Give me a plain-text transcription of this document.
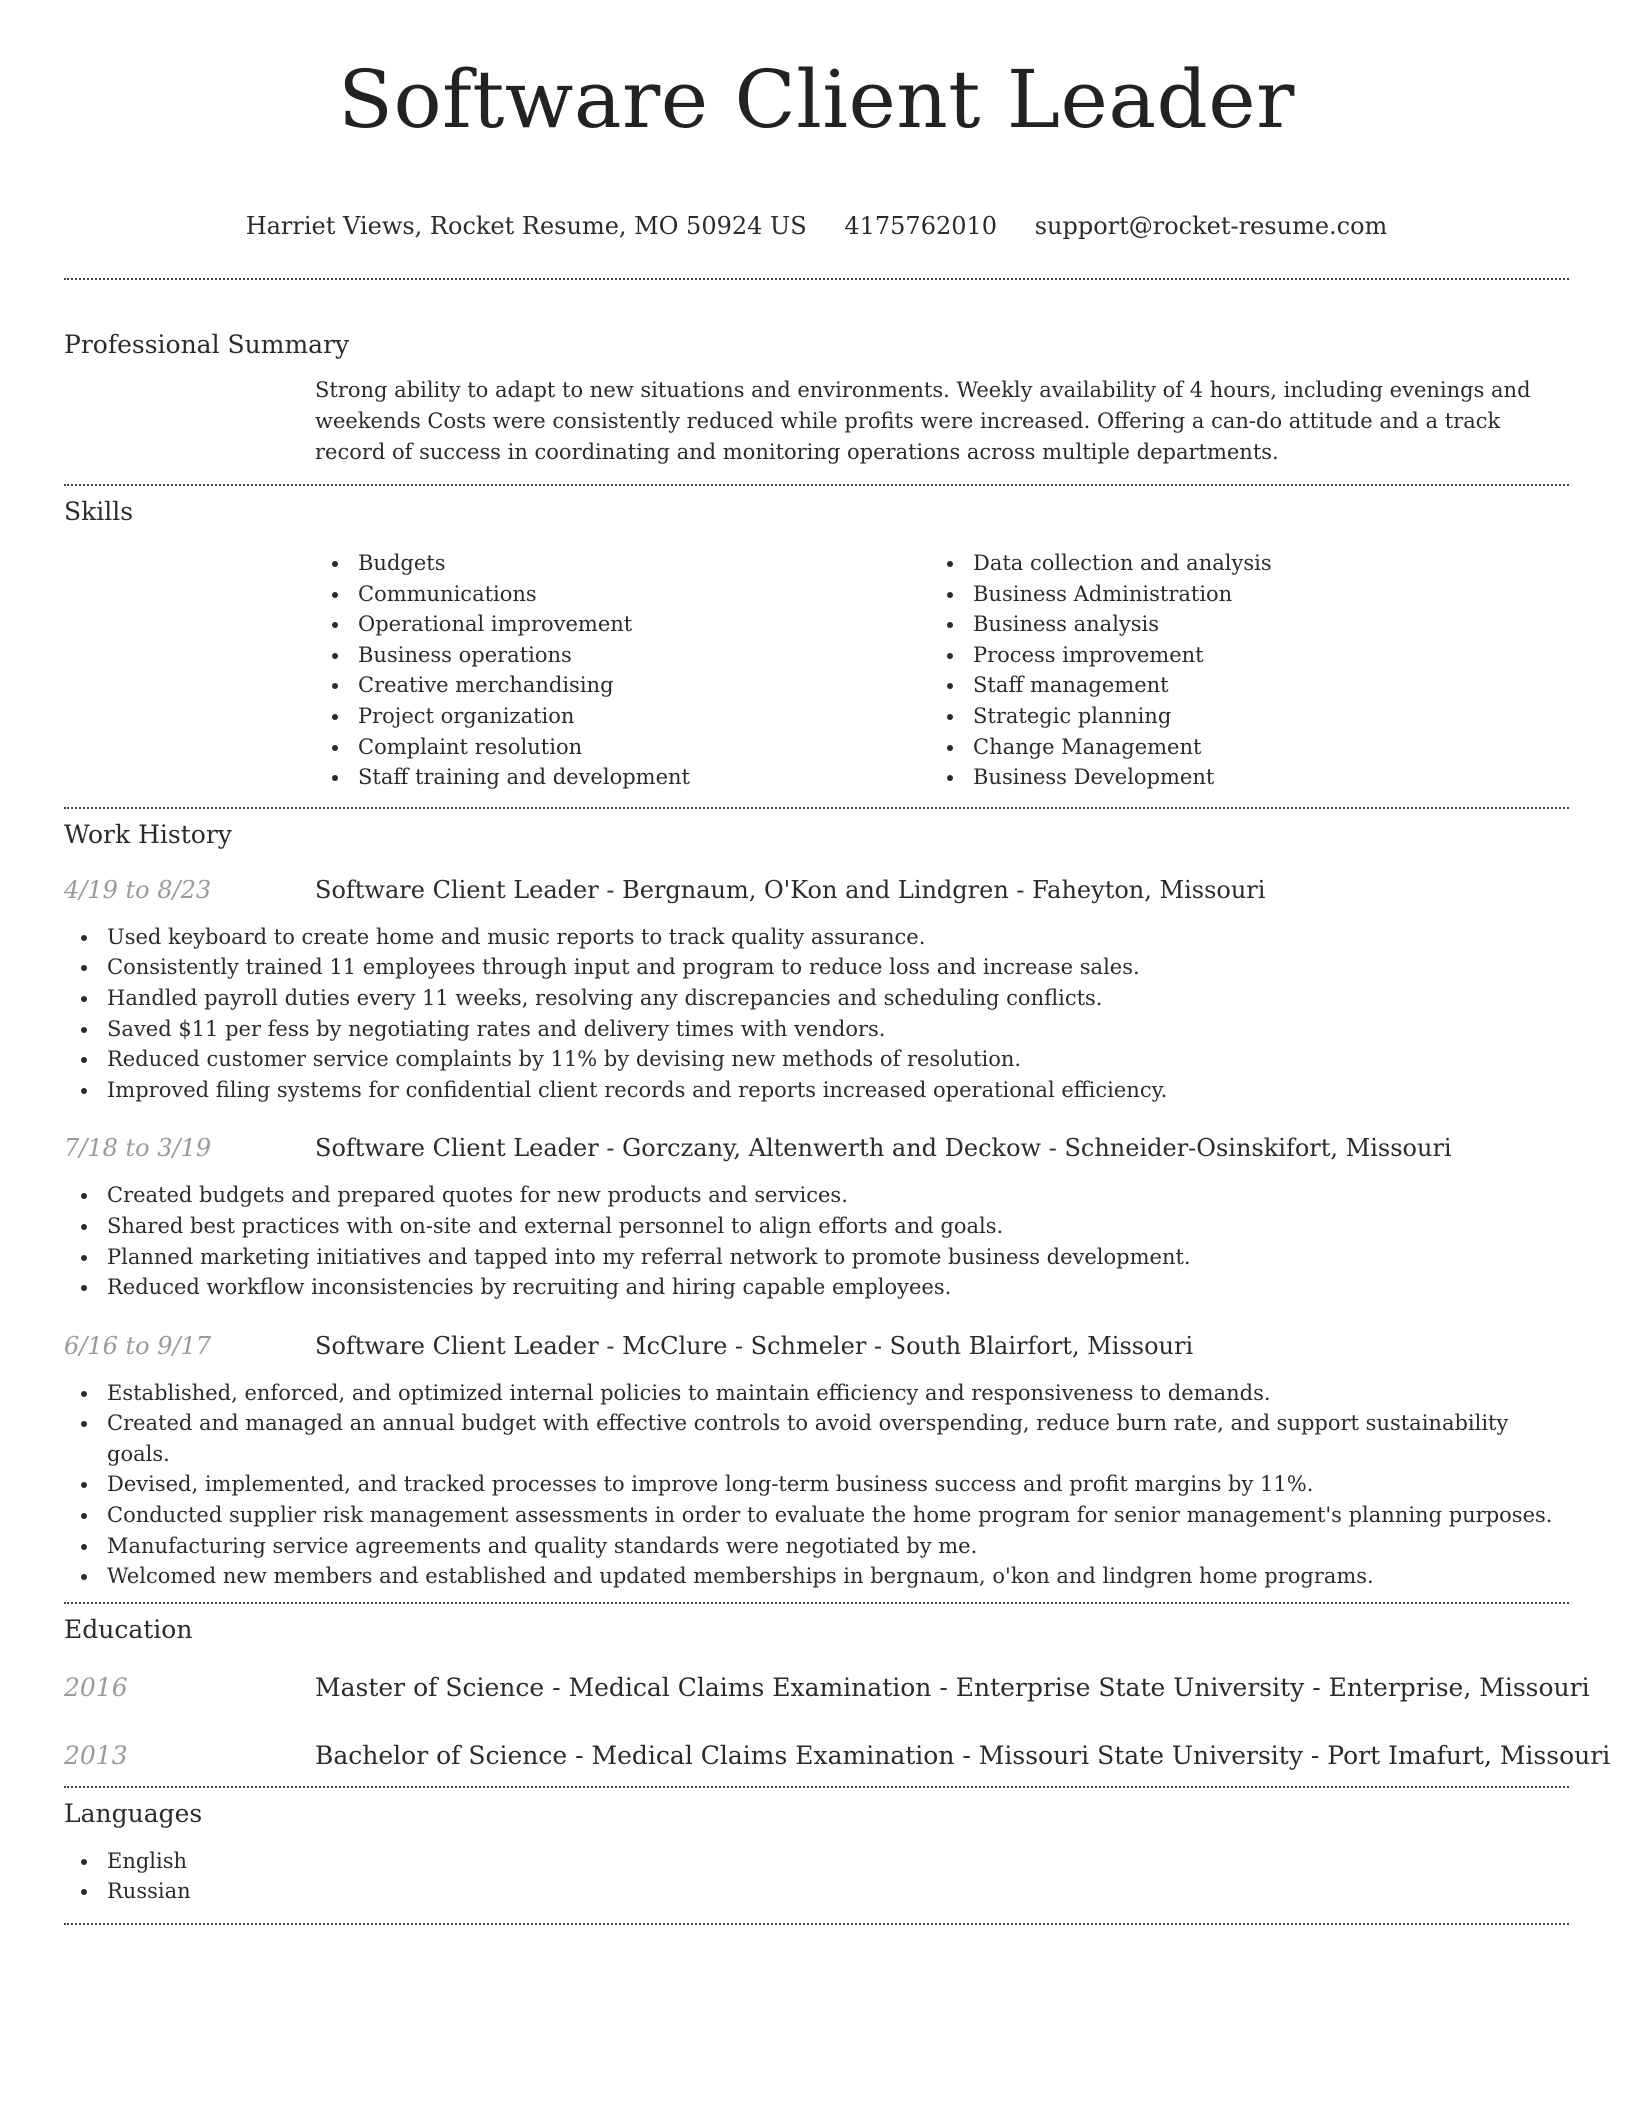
Software Client Leader
Harriet Views, Rocket Resume, MO 50924 US 4175762010 support@rocket-resume.com
Professional Summary
Strong ability to adapt to new situations and environments. Weekly availability of 4 hours, including evenings and weekends Costs were consistently reduced while profits were increased. Offering a can-do attitude and a track record of success in coordinating and monitoring operations across multiple departments.
Skills
Budgets
Communications
Operational improvement
Business operations
Creative merchandising
Project organization
Complaint resolution
Staff training and development
Data collection and analysis
Business Administration
Business analysis
Process improvement
Staff management
Strategic planning
Change Management
Business Development
Work History
4/19 to 8/23	Software Client Leader - Bergnaum, O'Kon and Lindgren - Faheyton, Missouri
Used keyboard to create home and music reports to track quality assurance.
Consistently trained 11 employees through input and program to reduce loss and increase sales.
Handled payroll duties every 11 weeks, resolving any discrepancies and scheduling conflicts.
Saved $11 per fess by negotiating rates and delivery times with vendors.
Reduced customer service complaints by 11% by devising new methods of resolution.
Improved filing systems for confidential client records and reports increased operational efficiency.
7/18 to 3/19	Software Client Leader - Gorczany, Altenwerth and Deckow - Schneider-Osinskifort, Missouri
Created budgets and prepared quotes for new products and services.
Shared best practices with on-site and external personnel to align efforts and goals.
Planned marketing initiatives and tapped into my referral network to promote business development.
Reduced workflow inconsistencies by recruiting and hiring capable employees.
6/16 to 9/17	Software Client Leader - McClure - Schmeler - South Blairfort, Missouri
Established, enforced, and optimized internal policies to maintain efficiency and responsiveness to demands.
Created and managed an annual budget with effective controls to avoid overspending, reduce burn rate, and support sustainability goals.
Devised, implemented, and tracked processes to improve long-term business success and profit margins by 11%.
Conducted supplier risk management assessments in order to evaluate the home program for senior management's planning purposes.
Manufacturing service agreements and quality standards were negotiated by me.
Welcomed new members and established and updated memberships in bergnaum, o'kon and lindgren home programs.
Education
2016	Master of Science - Medical Claims Examination - Enterprise State University - Enterprise, Missouri
2013	Bachelor of Science - Medical Claims Examination - Missouri State University - Port Imafurt, Missouri
Languages
English
Russian
